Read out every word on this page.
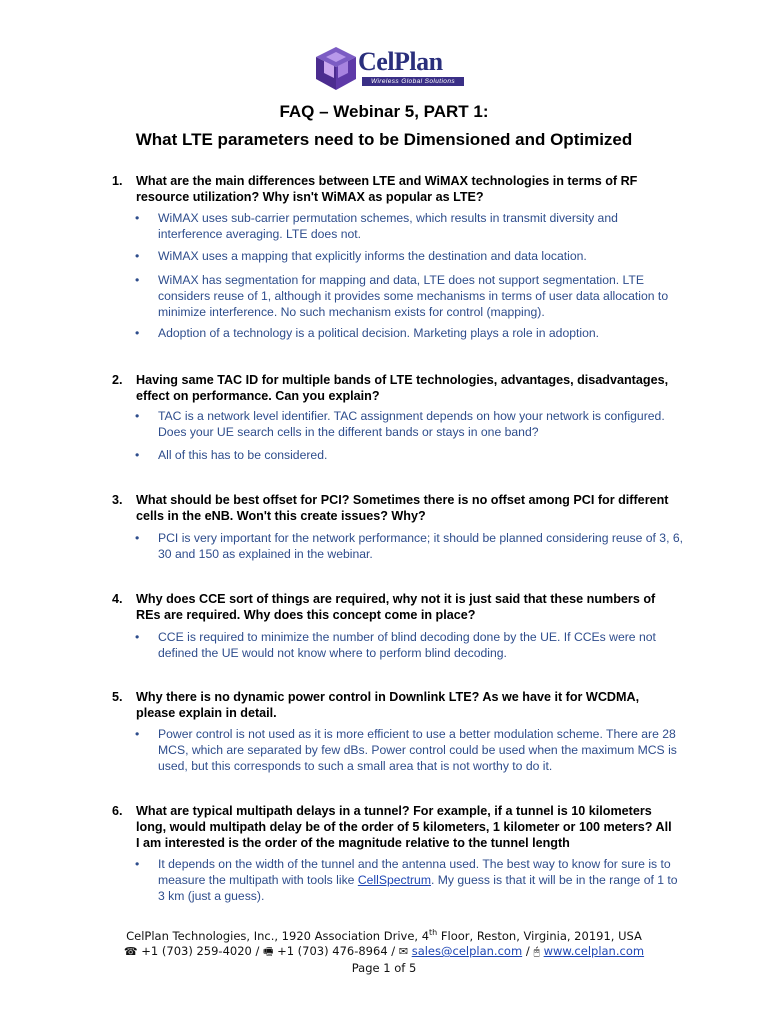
CelPlan
Wireless Global Solutions
FAQ – Webinar 5, PART 1:
What LTE parameters need to be Dimensioned and Optimized
1. What are the main differences between LTE and WiMAX technologies in terms of RF resource utilization? Why isn't WiMAX as popular as LTE?
• WiMAX uses sub-carrier permutation schemes, which results in transmit diversity and interference averaging. LTE does not.
• WiMAX uses a mapping that explicitly informs the destination and data location.
• WiMAX has segmentation for mapping and data, LTE does not support segmentation. LTE considers reuse of 1, although it provides some mechanisms in terms of user data allocation to minimize interference. No such mechanism exists for control (mapping).
• Adoption of a technology is a political decision. Marketing plays a role in adoption.
2. Having same TAC ID for multiple bands of LTE technologies, advantages, disadvantages, effect on performance. Can you explain?
• TAC is a network level identifier. TAC assignment depends on how your network is configured. Does your UE search cells in the different bands or stays in one band?
• All of this has to be considered.
3. What should be best offset for PCI? Sometimes there is no offset among PCI for different cells in the eNB. Won't this create issues? Why?
• PCI is very important for the network performance; it should be planned considering reuse of 3, 6, 30 and 150 as explained in the webinar.
4. Why does CCE sort of things are required, why not it is just said that these numbers of REs are required. Why does this concept come in place?
• CCE is required to minimize the number of blind decoding done by the UE. If CCEs were not defined the UE would not know where to perform blind decoding.
5. Why there is no dynamic power control in Downlink LTE? As we have it for WCDMA, please explain in detail.
• Power control is not used as it is more efficient to use a better modulation scheme. There are 28 MCS, which are separated by few dBs. Power control could be used when the maximum MCS is used, but this corresponds to such a small area that is not worthy to do it.
6. What are typical multipath delays in a tunnel? For example, if a tunnel is 10 kilometers long, would multipath delay be of the order of 5 kilometers, 1 kilometer or 100 meters? All I am interested is the order of the magnitude relative to the tunnel length
• It depends on the width of the tunnel and the antenna used. The best way to know for sure is to measure the multipath with tools like CellSpectrum. My guess is that it will be in the range of 1 to 3 km (just a guess).
CelPlan Technologies, Inc., 1920 Association Drive, 4th Floor, Reston, Virginia, 20191, USA
☎ +1 (703) 259-4020 / 🖷 +1 (703) 476-8964 / ✉ sales@celplan.com / 🖰 www.celplan.com
Page 1 of 5
